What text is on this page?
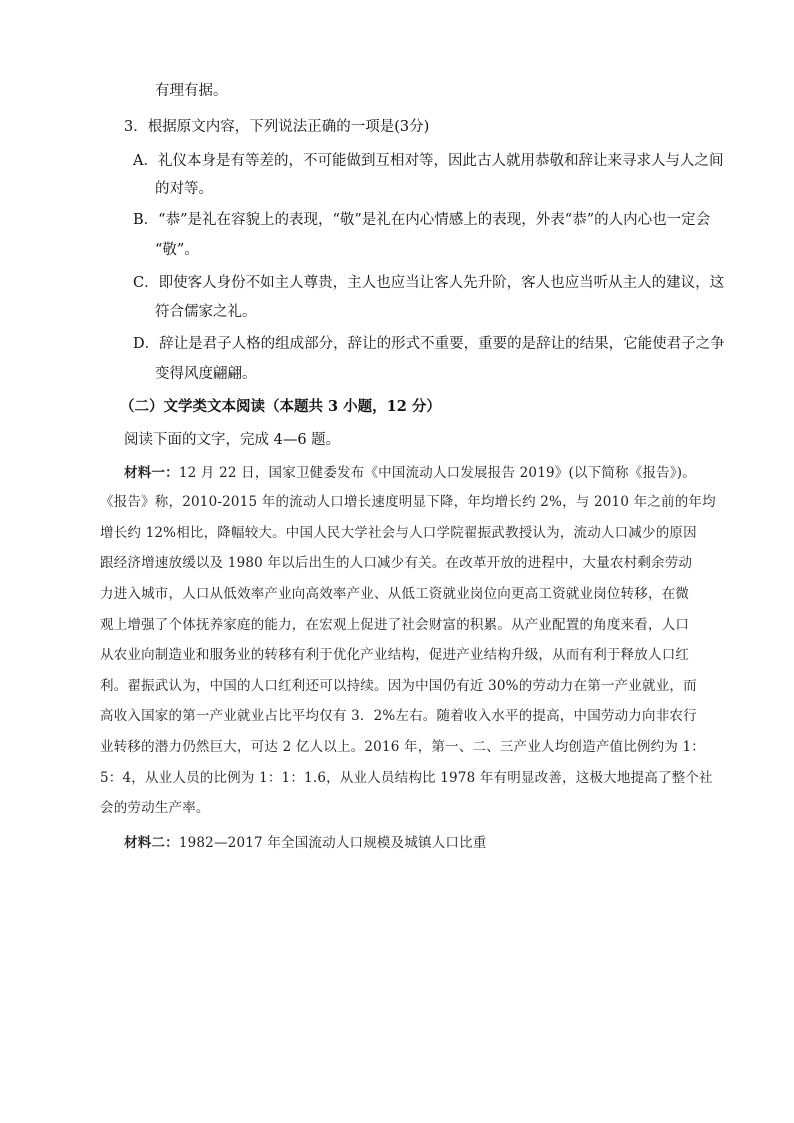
有理有据。
3．根据原文内容，下列说法正确的一项是(3分)
A．礼仪本身是有等差的，不可能做到互相对等，因此古人就用恭敬和辞让来寻求人与人之间
的对等。
B．“恭”是礼在容貌上的表现，“敬”是礼在内心情感上的表现，外表“恭”的人内心也一定会
“敬”。
C．即使客人身份不如主人尊贵，主人也应当让客人先升阶，客人也应当听从主人的建议，这
符合儒家之礼。
D．辞让是君子人格的组成部分，辞让的形式不重要，重要的是辞让的结果，它能使君子之争
变得风度翩翩。
（二）文学类文本阅读（本题共 3 小题，12 分）
阅读下面的文字，完成 4—6 题。
材料一：12 月 22 日，国家卫健委发布《中国流动人口发展报告 2019》(以下简称《报告》)。
《报告》称，2010-2015 年的流动人口增长速度明显下降，年均增长约 2%，与 2010 年之前的年均
增长约 12%相比，降幅较大。中国人民大学社会与人口学院翟振武教授认为，流动人口减少的原因
跟经济增速放缓以及 1980 年以后出生的人口减少有关。在改革开放的进程中，大量农村剩余劳动
力进入城市，人口从低效率产业向高效率产业、从低工资就业岗位向更高工资就业岗位转移，在微
观上增强了个体抚养家庭的能力，在宏观上促进了社会财富的积累。从产业配置的角度来看，人口
从农业向制造业和服务业的转移有利于优化产业结构，促进产业结构升级，从而有利于释放人口红
利。翟振武认为，中国的人口红利还可以持续。因为中国仍有近 30%的劳动力在第一产业就业，而
高收入国家的第一产业就业占比平均仅有 3．2%左右。随着收入水平的提高，中国劳动力向非农行
业转移的潜力仍然巨大，可达 2 亿人以上。2016 年，第一、二、三产业人均创造产值比例约为 1：
5：4，从业人员的比例为 1：1：1.6，从业人员结构比 1978 年有明显改善，这极大地提高了整个社
会的劳动生产率。
材料二：1982—2017 年全国流动人口规模及城镇人口比重
